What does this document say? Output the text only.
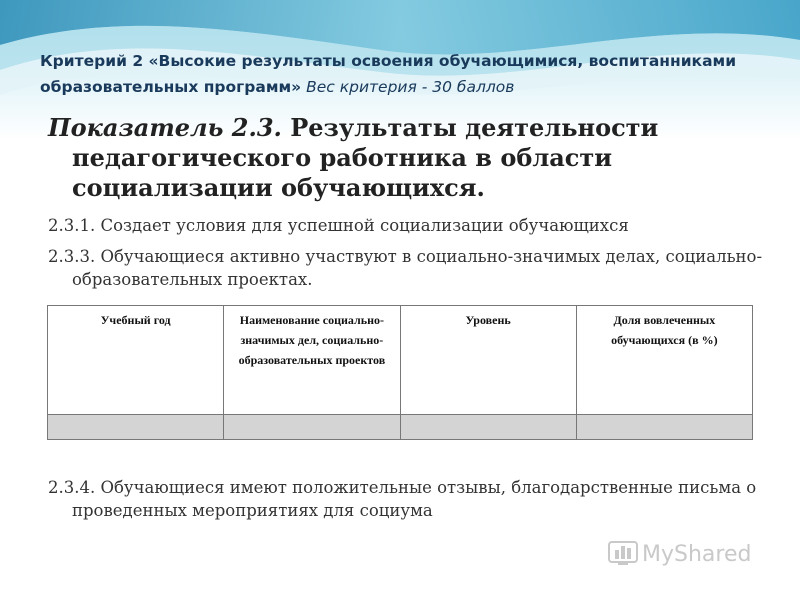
Критерий 2 «Высокие результаты освоения обучающимися, воспитанниками образовательных программ» Вес критерия - 30 баллов
Показатель 2.3. Результаты деятельности педагогического работника в области социализации обучающихся.
2.3.1. Создает условия для успешной социализации обучающихся
2.3.3. Обучающиеся активно участвуют в социально-значимых делах, социально-образовательных проектах.
Учебный год	Наименование социально-значимых дел, социально-образовательных проектов	Уровень	Доля вовлеченных обучающихся (в %)

2.3.4. Обучающиеся имеют положительные отзывы, благодарственные письма о проведенных мероприятиях для социума
MyShared
